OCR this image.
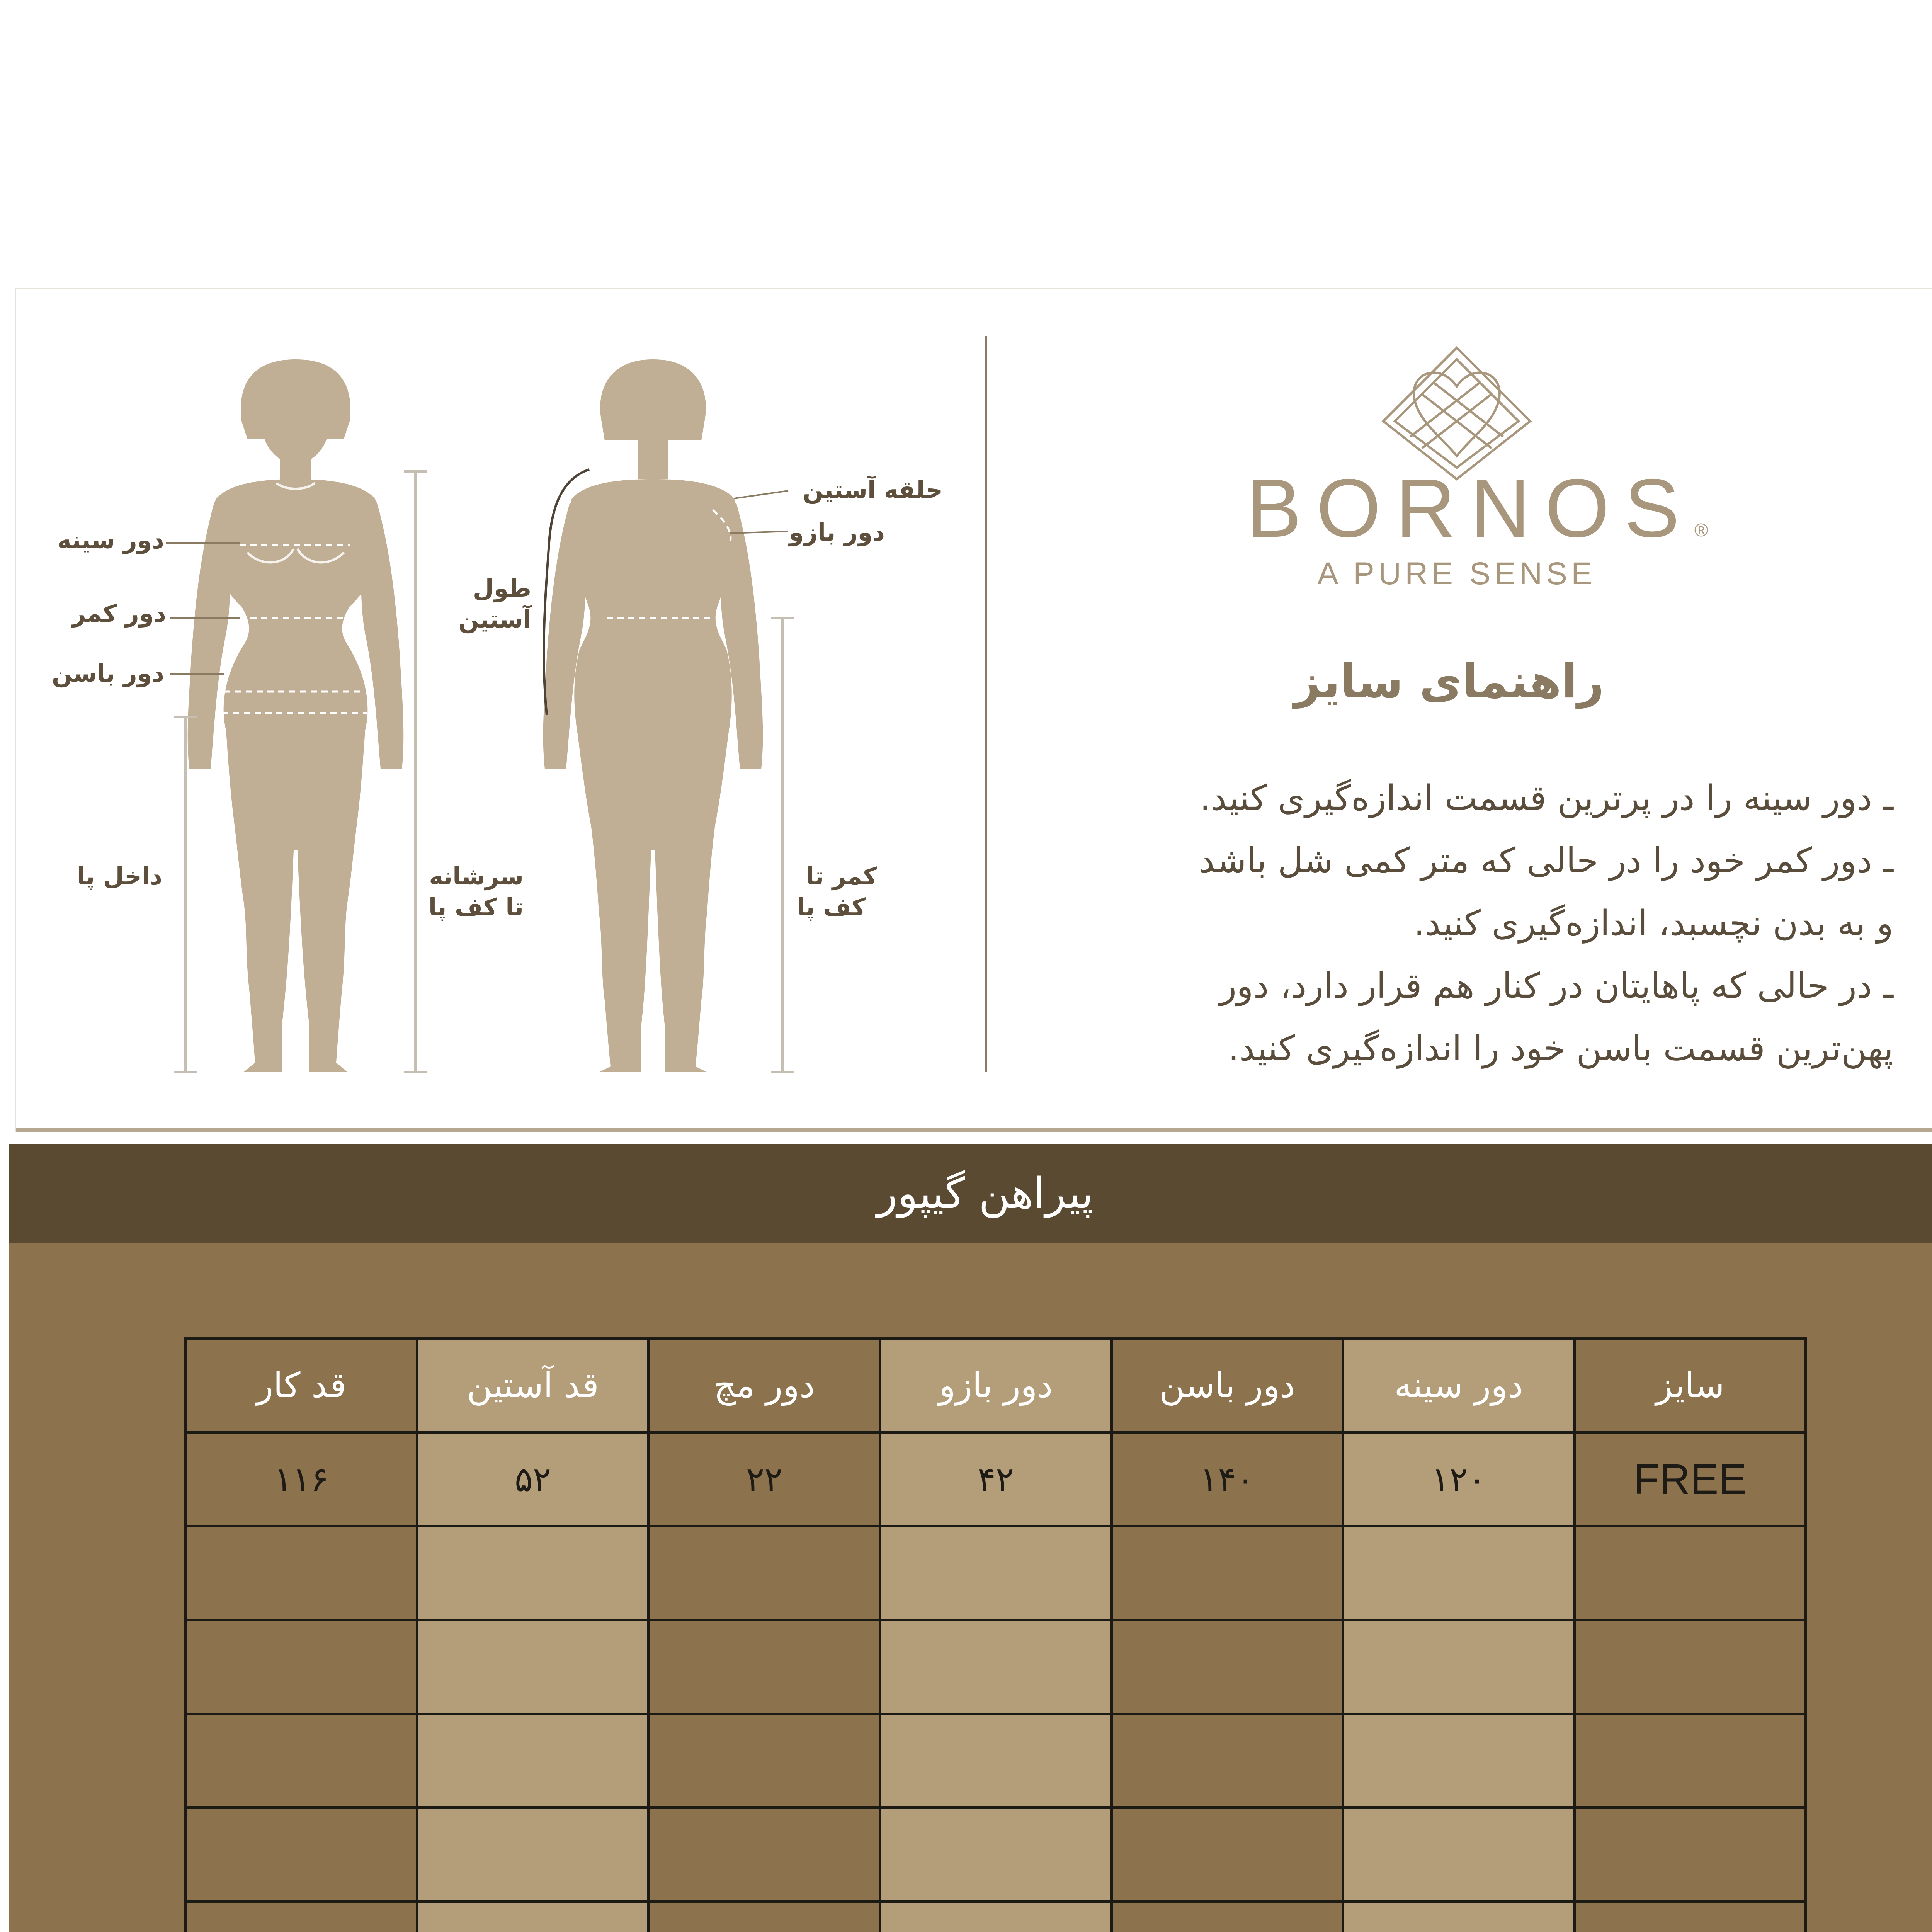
دور سینه
دور کمر
دور باسن
داخل پا	سرشانه
تا کف پا
حلقه آستین
دور بازو
طول
آستین
کمر تا
کف پا
BORNOS ®
A PURE SENSE
راهنمای سایز
ـ دور سینه را در پرترین قسمت اندازه‌گیری کنید.
ـ دور کمر خود را در حالی که متر کمی شل باشد
و به بدن نچسبد، اندازه‌گیری کنید.
ـ در حالی که پاهایتان در کنار هم قرار دارد، دور
پهن‌ترین قسمت باسن خود را اندازه‌گیری کنید.
پیراهن گیپور
سایز	دور سینه	دور باسن	دور بازو	دور مچ	قد آستین	قد کار
FREE	۱۲۰	۱۴۰	۴۲	۲۲	۵۲	۱۱۶
